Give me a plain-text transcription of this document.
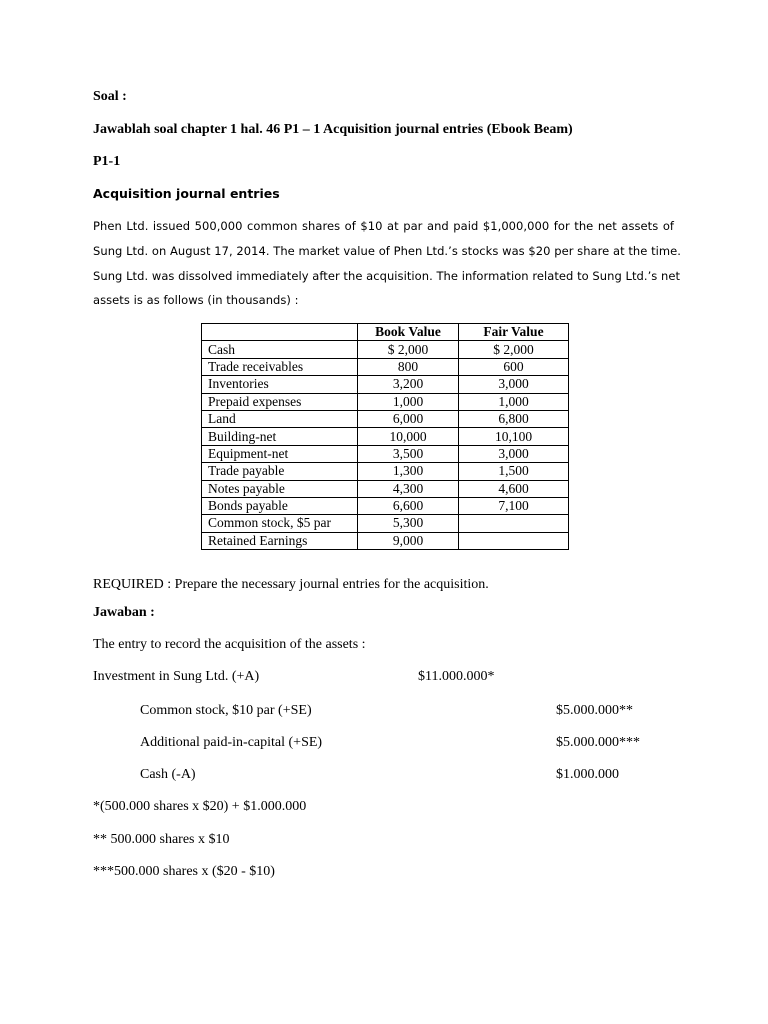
Soal :
Jawablah soal chapter 1 hal. 46 P1 – 1 Acquisition journal entries (Ebook Beam)
P1-1
Acquisition journal entries
Phen Ltd. issued 500,000 common shares of $10 at par and paid $1,000,000 for the net assets of
Sung Ltd. on August 17, 2014. The market value of Phen Ltd.’s stocks was $20 per share at the time.
Sung Ltd. was dissolved immediately after the acquisition. The information related to Sung Ltd.’s net
assets is as follows (in thousands) :
	Book Value	Fair Value
Cash	$ 2,000	$ 2,000
Trade receivables	800	600
Inventories	3,200	3,000
Prepaid expenses	1,000	1,000
Land	6,000	6,800
Building-net	10,000	10,100
Equipment-net	3,500	3,000
Trade payable	1,300	1,500
Notes payable	4,300	4,600
Bonds payable	6,600	7,100
Common stock, $5 par	5,300	
Retained Earnings	9,000	
REQUIRED : Prepare the necessary journal entries for the acquisition.
Jawaban :
The entry to record the acquisition of the assets :
Investment in Sung Ltd. (+A)	$11.000.000*
Common stock, $10 par (+SE)	$5.000.000**
Additional paid-in-capital (+SE)	$5.000.000***
Cash (-A)	$1.000.000
*(500.000 shares x $20) + $1.000.000
** 500.000 shares x $10
***500.000 shares x ($20 - $10)
